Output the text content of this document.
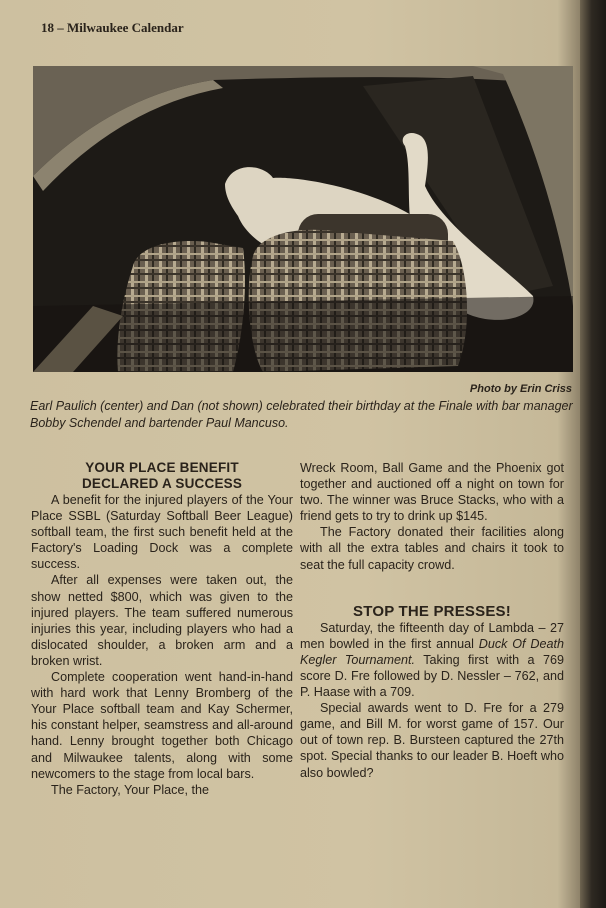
18 – Milwaukee Calendar
Photo by Erin Criss
Earl Paulich (center) and Dan (not shown) celebrated their birthday at the Finale with bar manager Bobby Schendel and bartender Paul Mancuso.
YOUR PLACE BENEFIT
DECLARED A SUCCESS

A benefit for the injured players of the Your Place SSBL (Saturday Softball Beer League) softball team, the first such benefit held at the Factory's Loading Dock was a complete success.

After all expenses were taken out, the show netted $800, which was given to the injured players. The team suffered numerous injuries this year, including players who had a dislocated shoulder, a broken arm and a broken wrist.

Complete cooperation went hand-in-hand with hard work that Lenny Bromberg of the Your Place softball team and Kay Schermer, his constant helper, seamstress and all-around hand. Lenny brought together both Chicago and Milwaukee talents, along with some newcomers to the stage from local bars.

The Factory, Your Place, the

Wreck Room, Ball Game and the Phoenix got together and auctioned off a night on town for two. The winner was Bruce Stacks, who with a friend gets to try to drink up $145.

The Factory donated their facilities along with all the extra tables and chairs it took to seat the full capacity crowd.

STOP THE PRESSES!

Saturday, the fifteenth day of Lambda – 27 men bowled in the first annual Duck Of Death Kegler Tournament. Taking first with a 769 score D. Fre followed by D. Nessler – 762, and P. Haase with a 709.

Special awards went to D. Fre for a 279 game, and Bill M. for worst game of 157. Our out of town rep. B. Bursteen captured the 27th spot. Special thanks to our leader B. Hoeft who also bowled?
